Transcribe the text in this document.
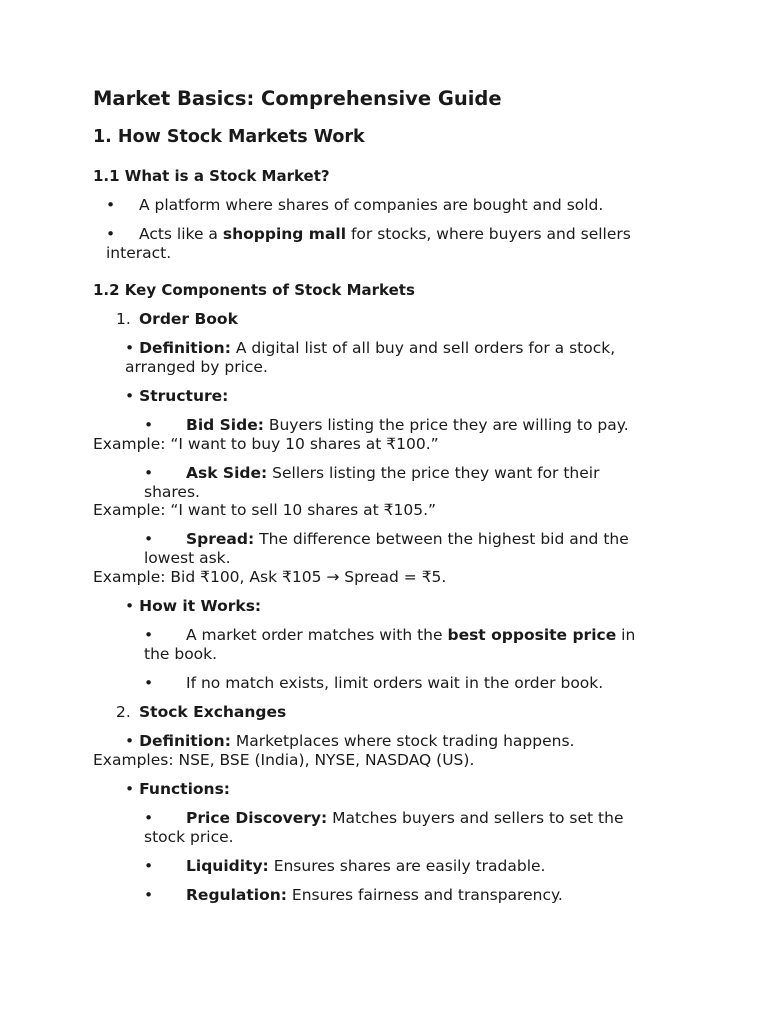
Market Basics: Comprehensive Guide
1. How Stock Markets Work
1.1 What is a Stock Market?
• A platform where shares of companies are bought and sold.
• Acts like a shopping mall for stocks, where buyers and sellers
interact.
1.2 Key Components of Stock Markets
1. Order Book
• Definition: A digital list of all buy and sell orders for a stock,
arranged by price.
• Structure:
• Bid Side: Buyers listing the price they are willing to pay.
Example: “I want to buy 10 shares at ₹100.”
• Ask Side: Sellers listing the price they want for their
shares.
Example: “I want to sell 10 shares at ₹105.”
• Spread: The difference between the highest bid and the
lowest ask.
Example: Bid ₹100, Ask ₹105 → Spread = ₹5.
• How it Works:
• A market order matches with the best opposite price in
the book.
• If no match exists, limit orders wait in the order book.
2. Stock Exchanges
• Definition: Marketplaces where stock trading happens.
Examples: NSE, BSE (India), NYSE, NASDAQ (US).
• Functions:
• Price Discovery: Matches buyers and sellers to set the
stock price.
• Liquidity: Ensures shares are easily tradable.
• Regulation: Ensures fairness and transparency.
